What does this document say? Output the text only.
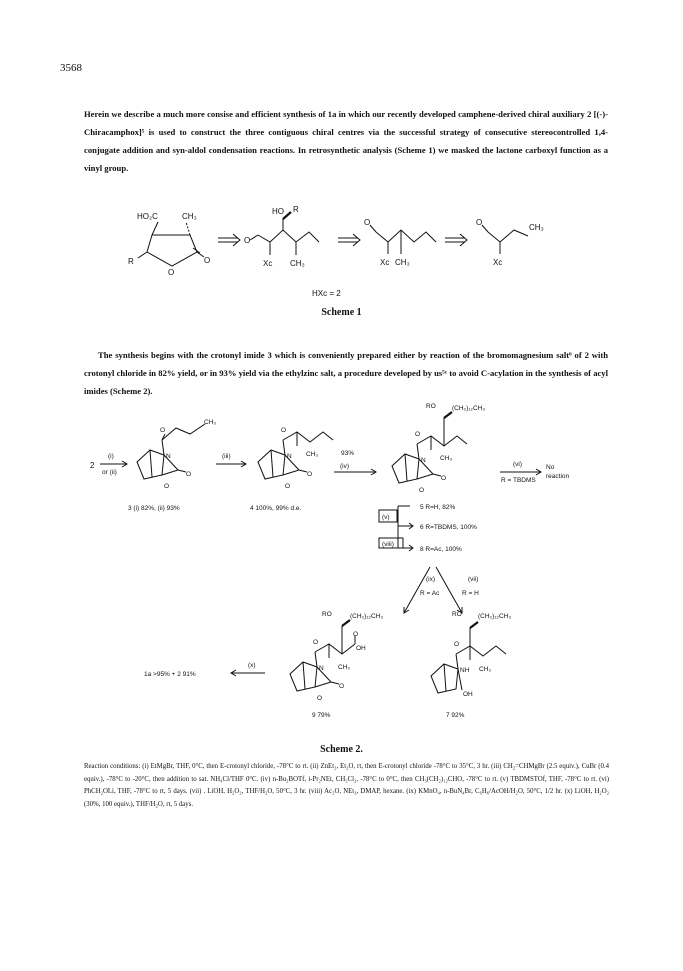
3568
Herein we describe a much more consise and efficient synthesis of 1a in which our recently developed camphene-derived chiral auxiliary 2 [(-)-Chiracamphox]⁵ is used to construct the three contiguous chiral centres via the successful strategy of consecutive stereocontrolled 1,4-conjugate addition and syn-aldol condensation reactions. In retrosynthetic analysis (Scheme 1) we masked the lactone carboxyl function as a vinyl group.
HO₂C	CH₃
R
O
O
HO R
O
Xc CH₃
O
Xc CH₃
O
CH₃
Xc
HXc = 2
2
(i)
or (ii)
N
O
O
O
CH₃
3 (i) 82%, (ii) 93%
(iii)	N
O
O
O
CH₃
4 100%, 99% d.e.
93%
(iv)
RO	(CH₂)₁₂CH₃
N
O
O
O
CH₃
(vi)	No
reaction
R = TBDMS
5 R=H, 82%
(v)
(viii)
6 R=TBDMS, 100%
8 R=Ac, 100%
(ix)
R = Ac
(vii)
R = H
RO	(CH₂)₁₂CH₃
O
OH
N
O
O
O
CH₃
9 79%
(x)
1a >95% + 2 91%
RO	(CH₂)₁₂CH₃
O
NH CH₃
OH
7 92%
Scheme 1
The synthesis begins with the crotonyl imide 3 which is conveniently prepared either by reaction of the bromomagnesium salt⁶ of 2 with crotonyl chloride in 82% yield, or in 93% yield via the ethylzinc salt, a procedure developed by us⁵ᶜ to avoid C-acylation in the synthesis of acyl imides (Scheme 2).
Scheme 2.
Reaction conditions: (i) EtMgBr, THF, 0°C, then E-crotonyl chloride, -78°C to rt. (ii) ZnEt₂, Et₂O, rt, then E-crotonyl chloride -78°C to 35°C, 3 hr. (iii) CH₂=CHMgBr (2.5 equiv.), CuBr (0.4 equiv.), -78°C to -20°C, then addition to sat. NH₄Cl/THF 0°C. (iv) n-Bu₂BOTf, i-Pr₂NEt, CH₂Cl₂, -78°C to 0°C, then CH₃(CH₂)₁₂CHO, -78°C to rt. (v) TBDMSTOf, THF, -78°C to rt. (vi) PhCH₂OLi, THF, -78°C to rt, 5 days. (vii) . LiOH, H₂O₂, THF/H₂O, 50°C, 3 hr. (viii) Ac₂O, NEt₃, DMAP, hexane. (ix) KMnO₄, n-BuN₄Br, C₆H₆/AcOH/H₂O, 50°C, 1/2 hr. (x) LiOH, H₂O₂ (30%, 100 equiv.), THF/H₂O, rt, 5 days.
